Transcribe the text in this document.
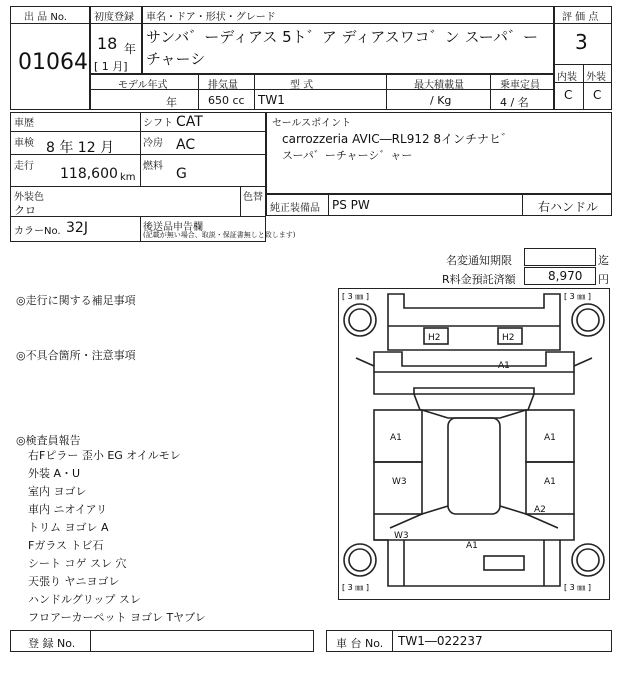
出 品 No.
01064
初度登録
18 年
[ 1 月]
車名・ドア・形状・グレード
サンバ゛ーディアス 5ト゛ア ディアスワコ゛ン スーパ゛ーチャーシ
評 価 点
3
内装 外装
C C
モデル年式
年
排気量
650 cc
型 式
TW1
最大積載量
/ Kg
乗車定員
4 / 名
車歴	シフト CAT
車検 8 年 12 月	冷房 AC
走行 118,600 km
燃料 G
外装色
クロ
色替
カラーNo. 32J	後送品申告欄
(記載が無い場合、取説・保証書無しと致します)
セールスポイント
carrozzeria AVIC―RL912 8インチナヒ゛
スーパ゛ーチャーシ゛ャー
純正装備品 PS PW	右ハンドル
名変通知期限	迄
R料金預託済額	8,970 円
◎走行に関する補足事項
◎不具合箇所・注意事項
◎検査員報告
右Fピラー 歪小 EG オイルモレ
外装 A・U
室内 ヨゴレ
車内 ニオイアリ
トリム ヨゴレ A
Fガラス トビ石
シート コゲ スレ 穴
天張り ヤニヨゴレ
ハンドルグリップ スレ
フロアーカーペット ヨゴレ Tヤブレ
[ 3 ㎜ ]	[ 3 ㎜ ]
[ 3 ㎜ ]	[ 3 ㎜ ]
H2	H2
A1
A1	A1
W3	A1
W3
A2
A1
登 録 No.	車 台 No. TW1―022237
